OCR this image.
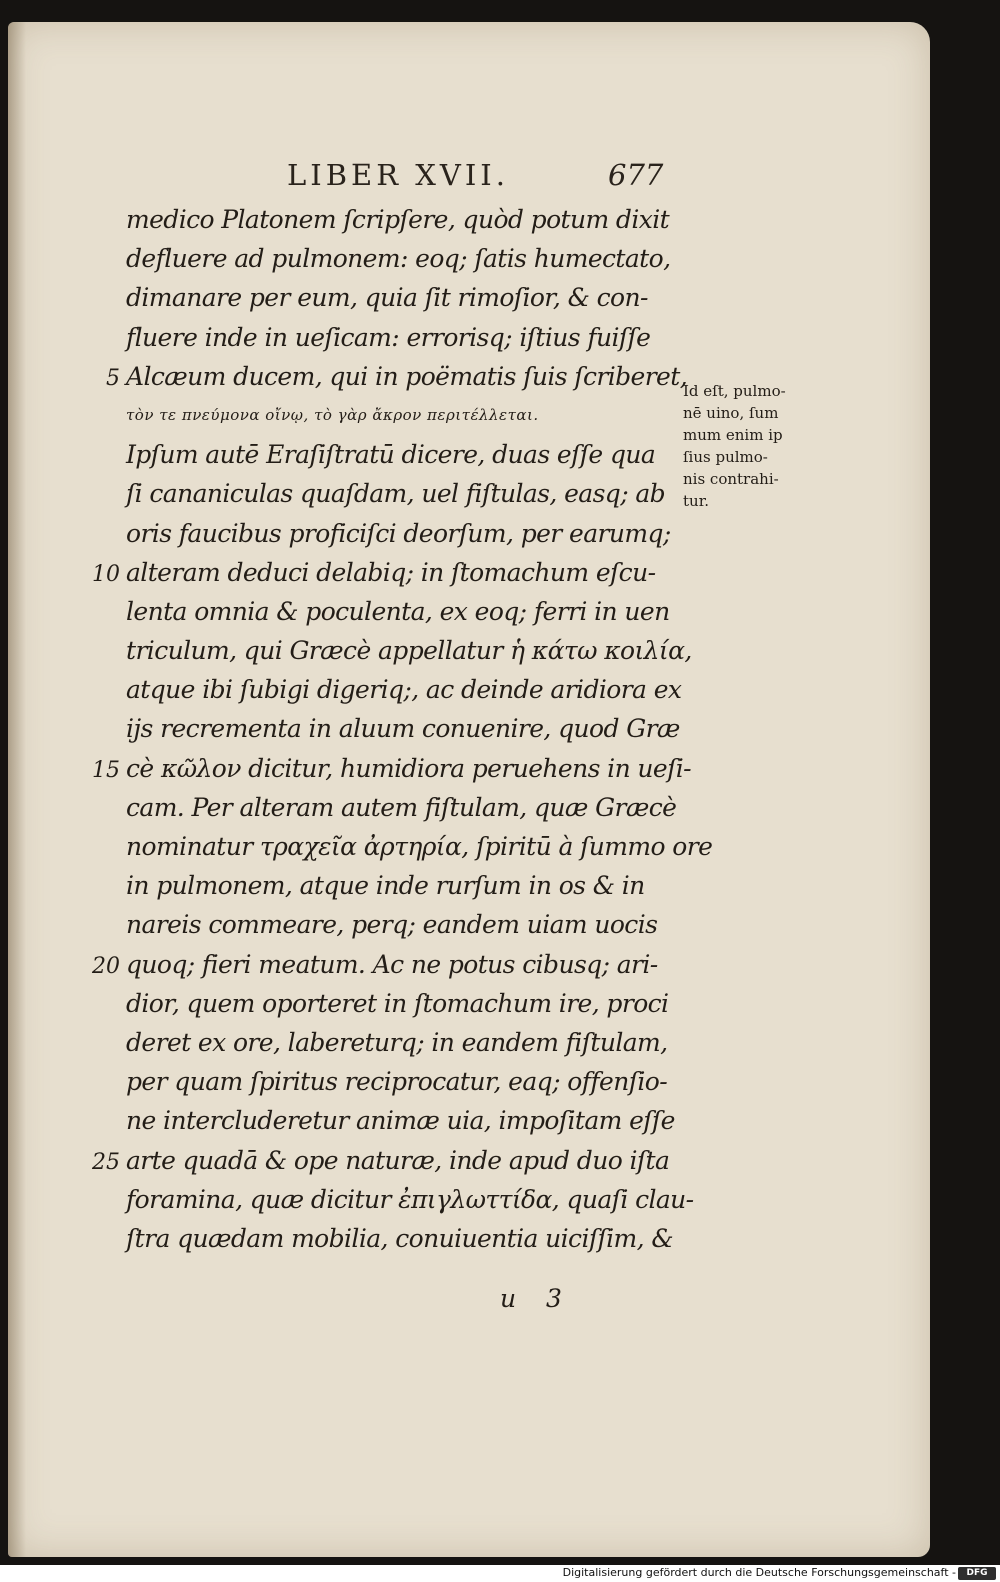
LIBER XVII.	677
medico Platonem ſcripſere, quòd potum dixit
defluere ad pulmonem: eoq; ſatis humectato,
dimanare per eum, quia ſit rimoſior, & con-
fluere inde in ueſicam: errorisq; iſtius fuiſſe
Alcæum ducem, qui in poëmatis ſuis ſcriberet,
τὸν τε πνεύμονα οἴνῳ, τὸ γὰρ ἄκρον περιτέλλεται.
Ipſum autē Eraſiſtratū dicere, duas eſſe qua
ſi cananiculas quaſdam, uel fiſtulas, easq; ab
oris faucibus proficiſci deorſum, per earumq;
alteram deduci delabiq; in ſtomachum eſcu-
lenta omnia & poculenta, ex eoq; ferri in uen
triculum, qui Græcè appellatur ἡ κάτω κοιλία,
atque ibi ſubigi digeriq;, ac deinde aridiora ex
ijs recrementa in aluum conuenire, quod Græ
cè κῶλον dicitur, humidiora peruehens in ueſi-
cam. Per alteram autem fiſtulam, quæ Græcè
nominatur τραχεῖα ἀρτηρία, ſpiritū à ſummo ore
in pulmonem, atque inde rurſum in os & in
nareis commeare, perq; eandem uiam uocis
quoq; fieri meatum. Ac ne potus cibusq; ari-
dior, quem oporteret in ſtomachum ire, proci
deret ex ore, labereturq; in eandem fiſtulam,
per quam ſpiritus reciprocatur, eaq; offenſio-
ne intercluderetur animæ uia, impoſitam eſſe
arte quadā & ope naturæ, inde apud duo iſta
foramina, quæ dicitur ἐπιγλωττίδα, quaſi clau-
ſtra quædam mobilia, conuiuentia uiciſſim, &
5
10
15
20
25
Id eſt, pulmo-
nē uino, ſum
mum enim ip
ſius pulmo-
nis contrahi-
tur.
u 3
Digitalisierung gefördert durch die Deutsche Forschungsgemeinschaft -	DFG
